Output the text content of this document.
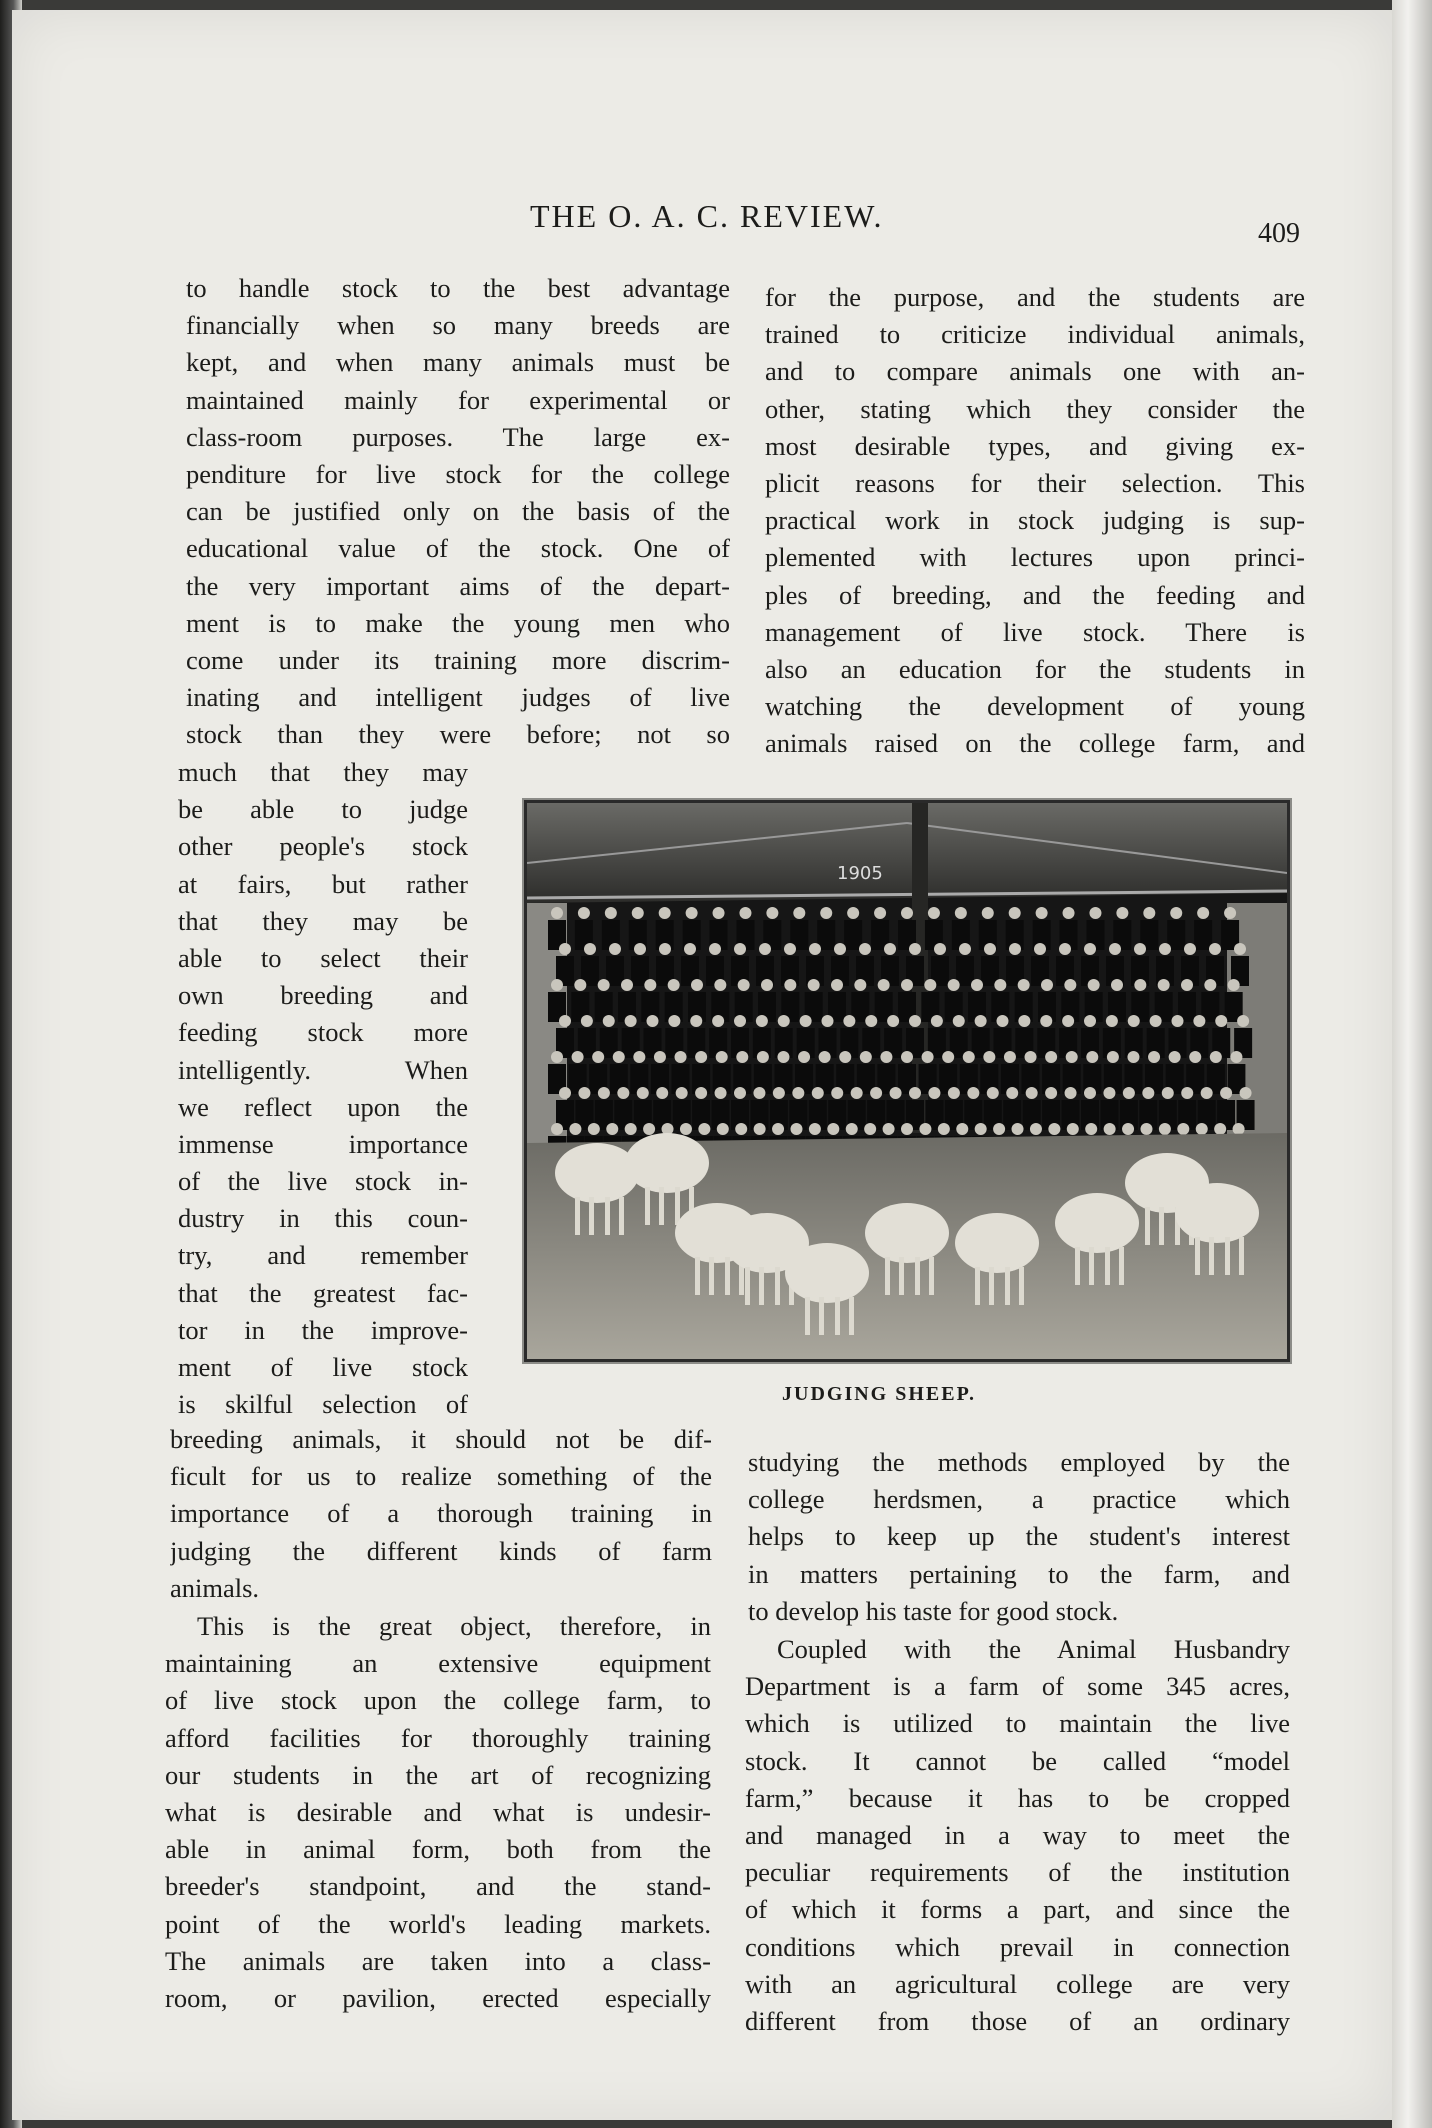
THE O. A. C. REVIEW.	409
to handle stock to the best advantage
financially when so many breeds are
kept, and when many animals must be
maintained mainly for experimental or
class-room purposes. The large ex-
penditure for live stock for the college
can be justified only on the basis of the
educational value of the stock. One of
the very important aims of the depart-
ment is to make the young men who
come under its training more discrim-
inating and intelligent judges of live
stock than they were before; not so
much that they may
be able to judge
other people's stock
at fairs, but rather
that they may be
able to select their
own breeding and
feeding stock more
intelligently. When
we reflect upon the
immense importance
of the live stock in-
dustry in this coun-
try, and remember
that the greatest fac-
tor in the improve-
ment of live stock
is skilful selection of
breeding animals, it should not be dif-
ficult for us to realize something of the
importance of a thorough training in
judging the different kinds of farm
animals.
This is the great object, therefore, in
maintaining an extensive equipment
of live stock upon the college farm, to
afford facilities for thoroughly training
our students in the art of recognizing
what is desirable and what is undesir-
able in animal form, both from the
breeder's standpoint, and the stand-
point of the world's leading markets.
The animals are taken into a class-
room, or pavilion, erected especially
for the purpose, and the students are
trained to criticize individual animals,
and to compare animals one with an-
other, stating which they consider the
most desirable types, and giving ex-
plicit reasons for their selection. This
practical work in stock judging is sup-
plemented with lectures upon princi-
ples of breeding, and the feeding and
management of live stock. There is
also an education for the students in
watching the development of young
animals raised on the college farm, and
studying the methods employed by the
college herdsmen, a practice which
helps to keep up the student's interest
in matters pertaining to the farm, and
to develop his taste for good stock.
Coupled with the Animal Husbandry
Department is a farm of some 345 acres,
which is utilized to maintain the live
stock. It cannot be called “model
farm,” because it has to be cropped
and managed in a way to meet the
peculiar requirements of the institution
of which it forms a part, and since the
conditions which prevail in connection
with an agricultural college are very
different from those of an ordinary
1905
JUDGING SHEEP.
